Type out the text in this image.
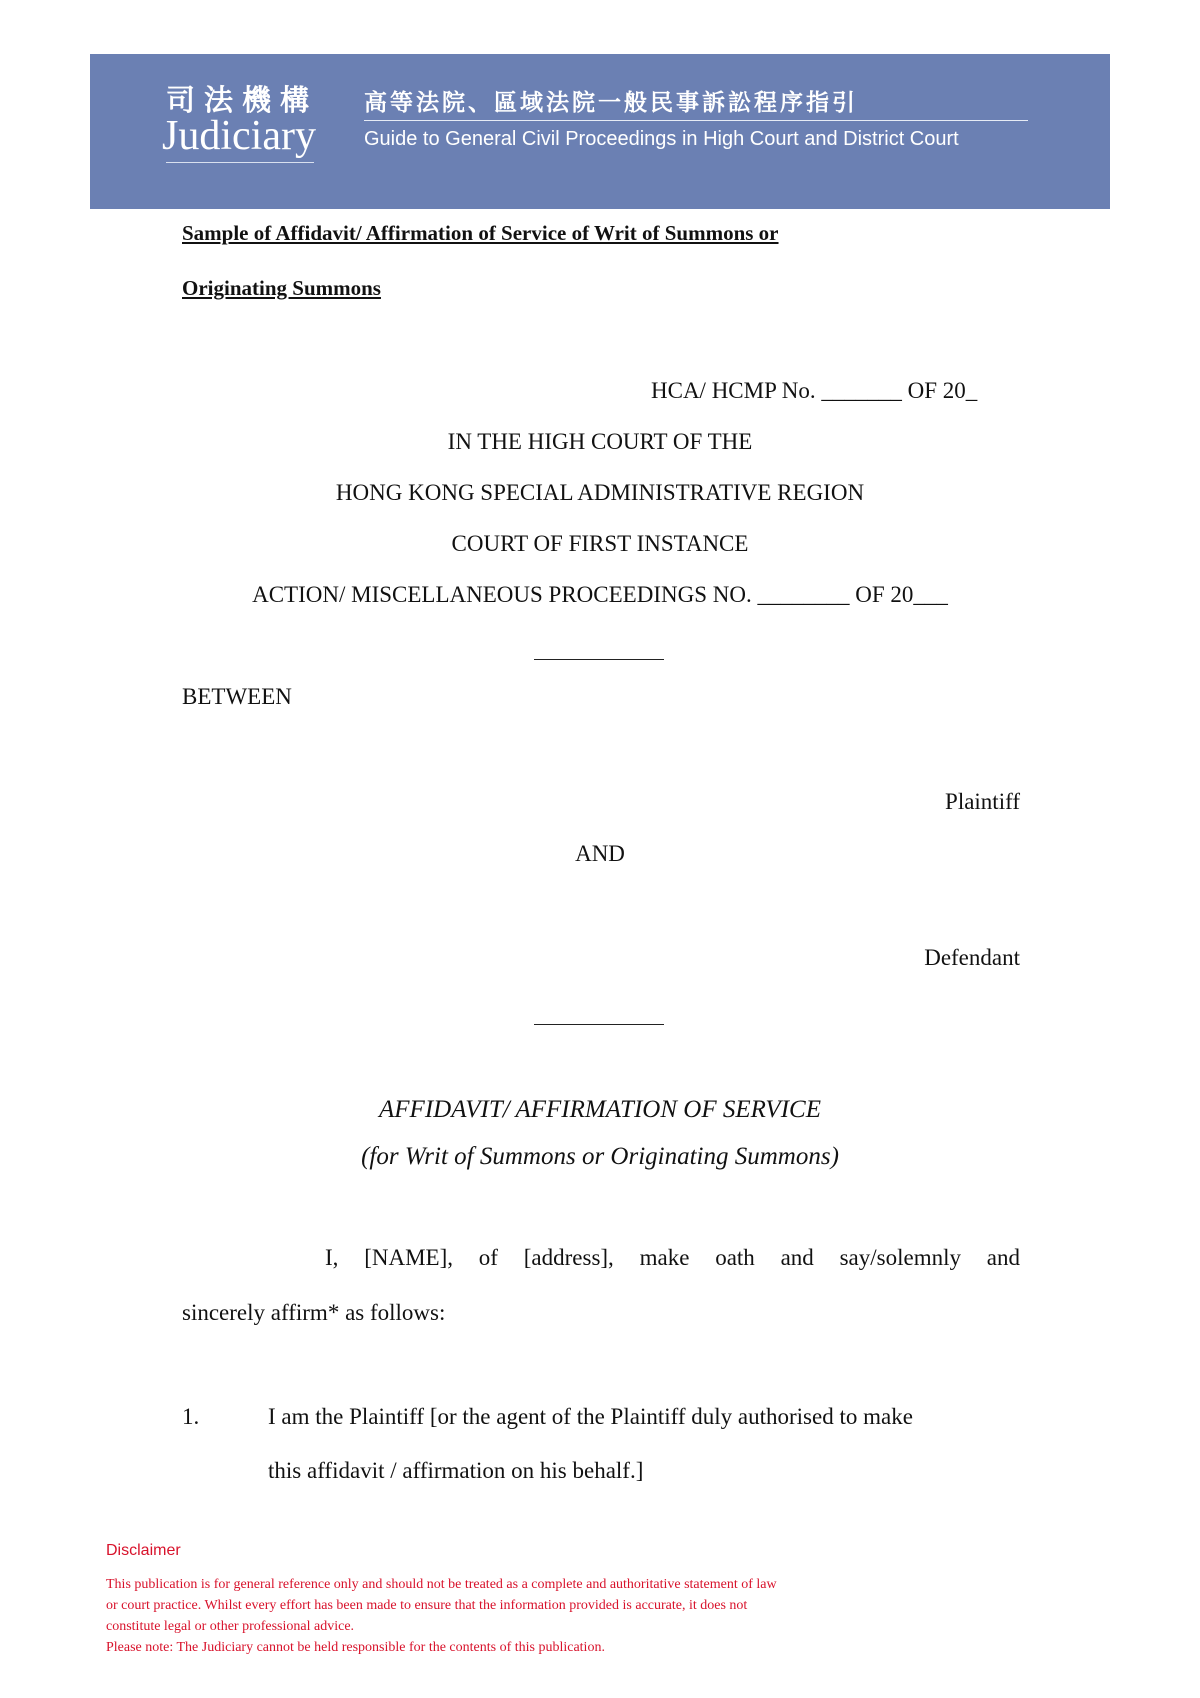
司法機構
Judiciary
高等法院、區域法院一般民事訴訟程序指引
Guide to General Civil Proceedings in High Court and District Court
Sample of Affidavit/ Affirmation of Service of Writ of Summons or
Originating Summons
HCA/ HCMP No. _______ OF 20_
IN THE HIGH COURT OF THE
HONG KONG SPECIAL ADMINISTRATIVE REGION
COURT OF FIRST INSTANCE
ACTION/ MISCELLANEOUS PROCEEDINGS NO. ________ OF 20___
BETWEEN
Plaintiff
AND
Defendant
AFFIDAVIT/ AFFIRMATION OF SERVICE
(for Writ of Summons or Originating Summons)
I, [NAME], of [address], make oath and say/solemnly and
sincerely affirm* as follows:
1.	I am the Plaintiff [or the agent of the Plaintiff duly authorised to make
this affidavit / affirmation on his behalf.]
Disclaimer
This publication is for general reference only and should not be treated as a complete and authoritative statement of law
or court practice. Whilst every effort has been made to ensure that the information provided is accurate, it does not
constitute legal or other professional advice.
Please note: The Judiciary cannot be held responsible for the contents of this publication.
